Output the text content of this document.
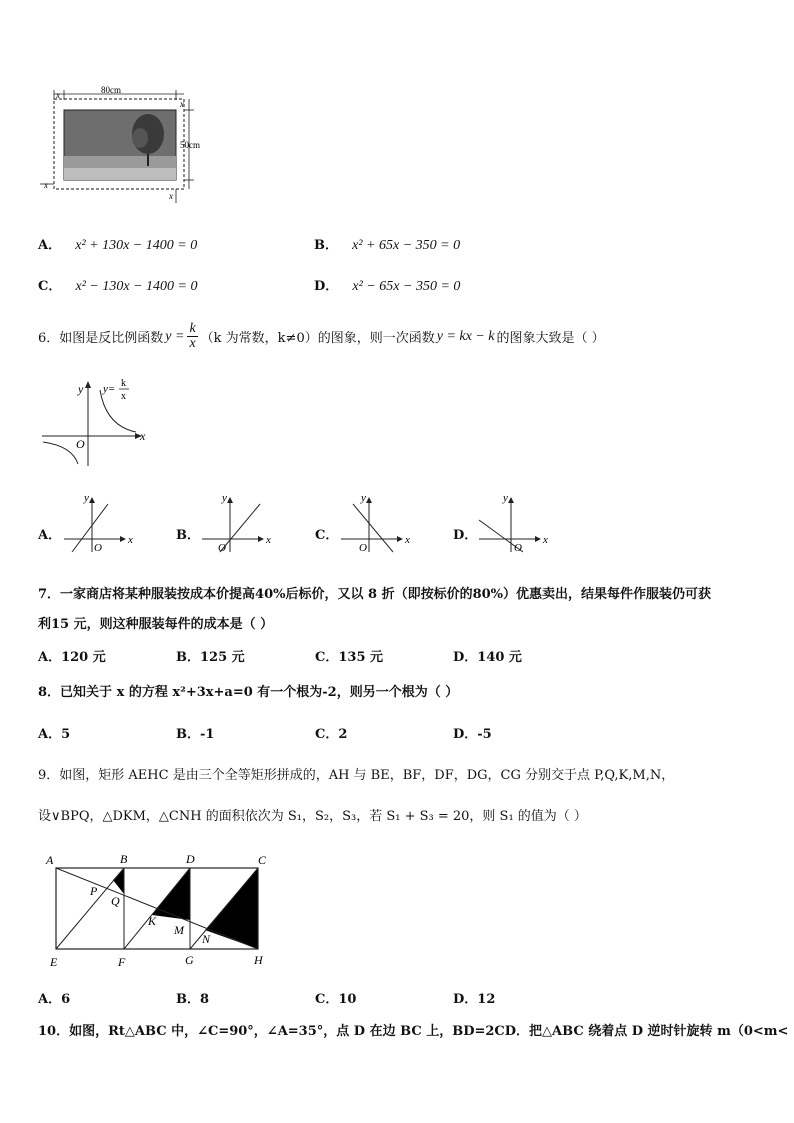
80cm
x
50cm
x
x
x
A． x² + 130x − 1400 = 0	B． x² + 65x − 350 = 0
C． x² − 130x − 1400 = 0	D． x² − 65x − 350 = 0
6．如图是反比例函数 $y = \frac{k}{x} (k$ 为常数，k≠0）的图象，则一次函数 y = kx − k 的图象大致是（ ）
y
x
O
y= k
x
A．
y
x
O
B．
y
x
O
C．
y
x
O
D．
y
x
O
7．一家商店将某种服装按成本价提高40%后标价，又以 8 折（即按标价的80%）优惠卖出，结果每件作服装仍可获
利15 元，则这种服装每件的成本是（ ）
A．120 元	B．125 元	C．135 元	D．140 元
8．已知关于 x 的方程 x²+3x+a=0 有一个根为-2，则另一个根为（ ）
A．5	B．-1	C．2	D．-5
9．如图，矩形 AEHC 是由三个全等矩形拼成的，AH 与 BE，BF，DF，DG，CG 分别交于点 P,Q,K,M,N，
设∨BPQ，△DKM，△CNH 的面积依次为 S₁，S₂，S₃，若 S₁ + S₃ = 20，则 S₁ 的值为（ ）
A	B	D	C
P
Q
K
M
N
E	F	G	H
A．6	B．8	C．10	D．12
10．如图，Rt△ABC 中，∠C=90°，∠A=35°，点 D 在边 BC 上，BD=2CD．把△ABC 绕着点 D 逆时针旋转 m（0<m<
